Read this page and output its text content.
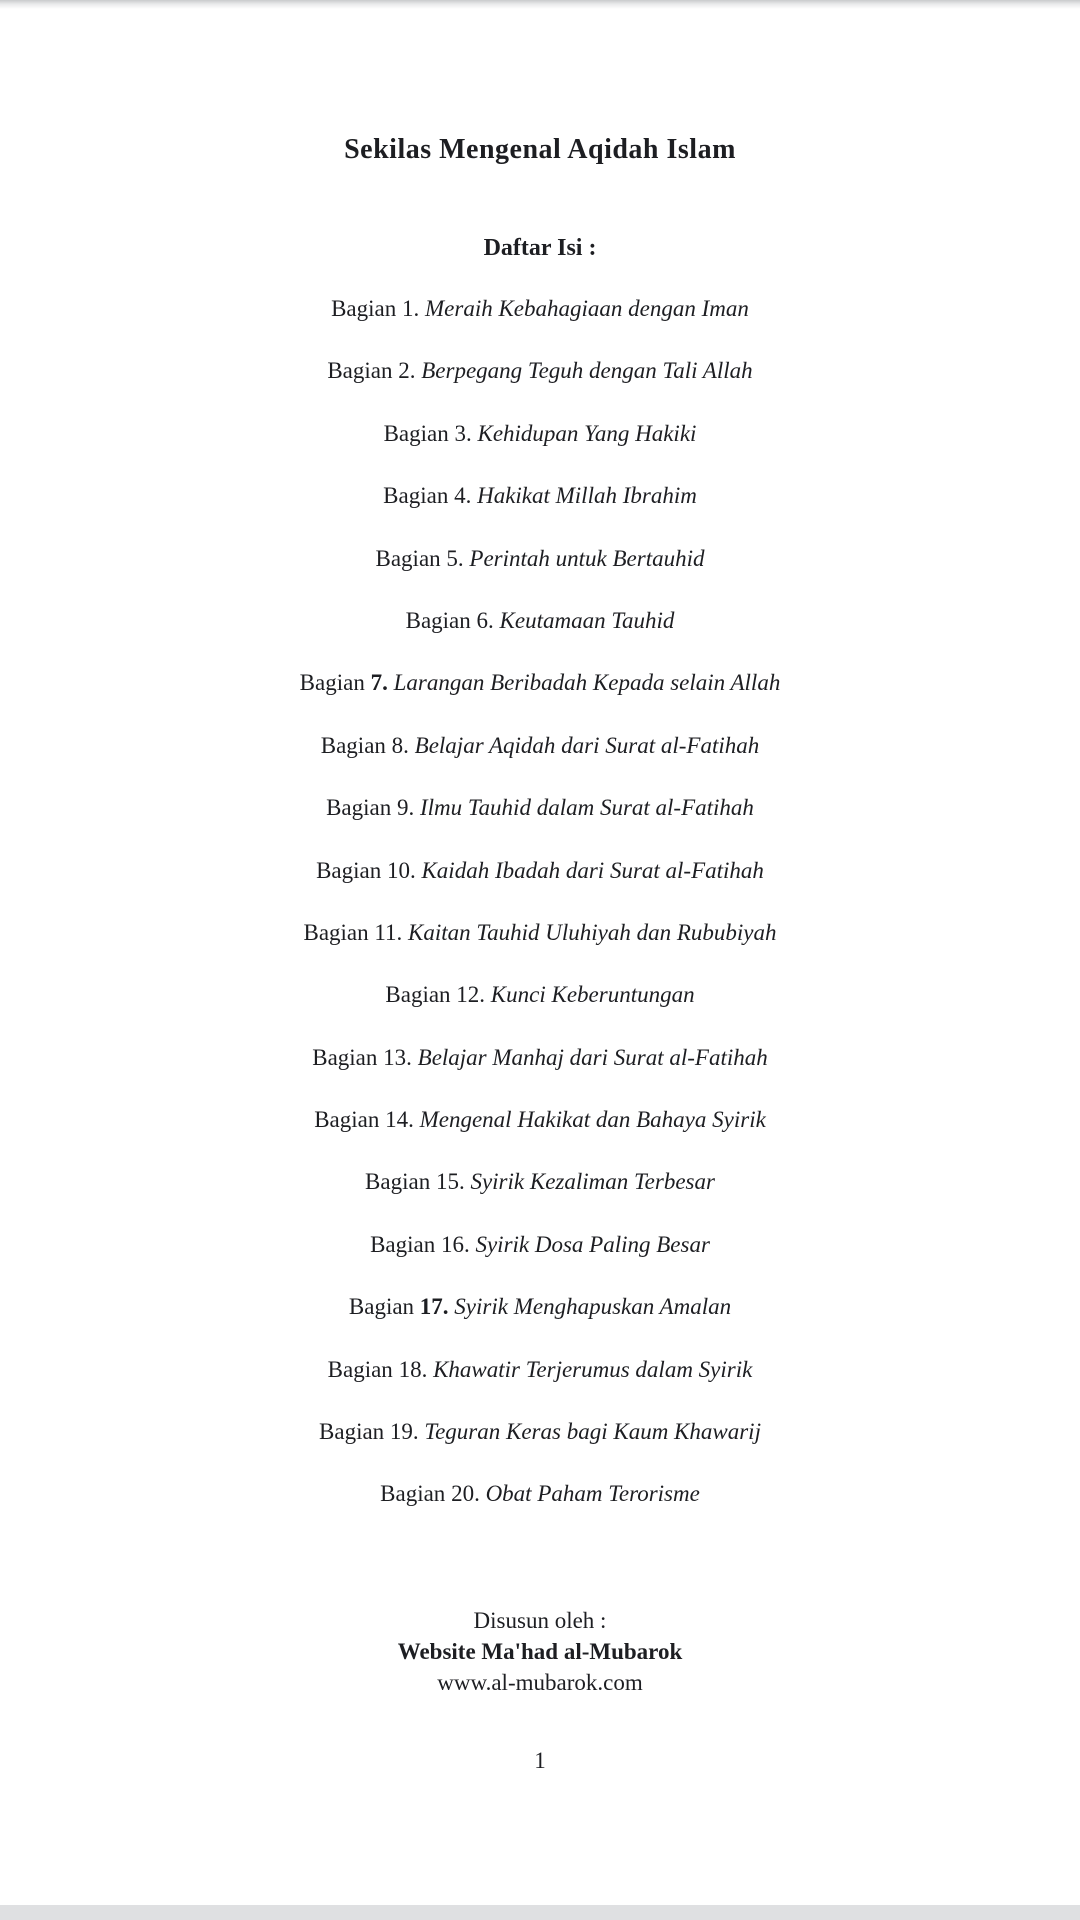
Sekilas Mengenal Aqidah Islam
Daftar Isi :
Bagian 1. Meraih Kebahagiaan dengan Iman
Bagian 2. Berpegang Teguh dengan Tali Allah
Bagian 3. Kehidupan Yang Hakiki
Bagian 4. Hakikat Millah Ibrahim
Bagian 5. Perintah untuk Bertauhid
Bagian 6. Keutamaan Tauhid
Bagian 7. Larangan Beribadah Kepada selain Allah
Bagian 8. Belajar Aqidah dari Surat al-Fatihah
Bagian 9. Ilmu Tauhid dalam Surat al-Fatihah
Bagian 10. Kaidah Ibadah dari Surat al-Fatihah
Bagian 11. Kaitan Tauhid Uluhiyah dan Rububiyah
Bagian 12. Kunci Keberuntungan
Bagian 13. Belajar Manhaj dari Surat al-Fatihah
Bagian 14. Mengenal Hakikat dan Bahaya Syirik
Bagian 15. Syirik Kezaliman Terbesar
Bagian 16. Syirik Dosa Paling Besar
Bagian 17. Syirik Menghapuskan Amalan
Bagian 18. Khawatir Terjerumus dalam Syirik
Bagian 19. Teguran Keras bagi Kaum Khawarij
Bagian 20. Obat Paham Terorisme
Disusun oleh :
Website Ma'had al-Mubarok
www.al-mubarok.com
1
